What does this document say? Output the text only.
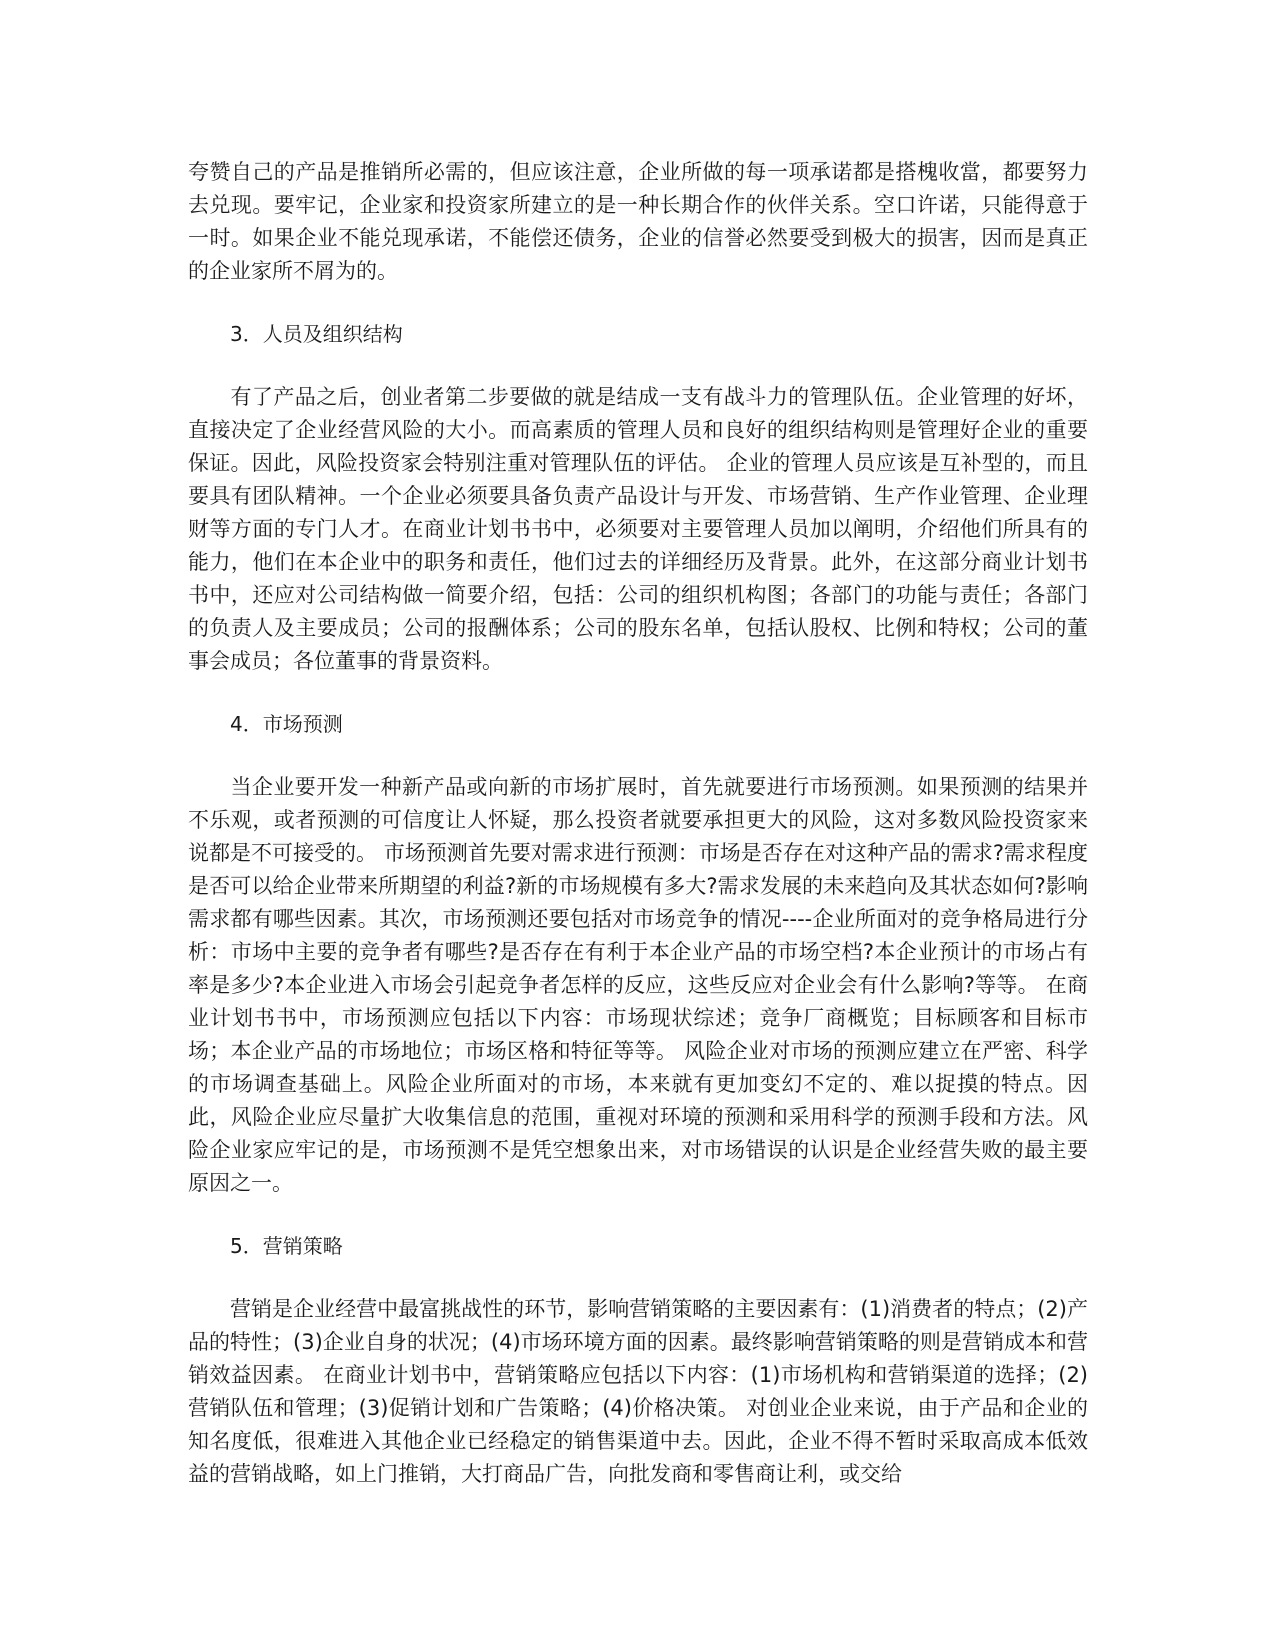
夸赞自己的产品是推销所必需的，但应该注意，企业所做的每一项承诺都是搭槐收當，都要努力去兑现。要牢记，企业家和投资家所建立的是一种长期合作的伙伴关系。空口许诺，只能得意于一时。如果企业不能兑现承诺，不能偿还债务，企业的信誉必然要受到极大的损害，因而是真正的企业家所不屑为的。

3．人员及组织结构

有了产品之后，创业者第二步要做的就是结成一支有战斗力的管理队伍。企业管理的好坏，直接决定了企业经营风险的大小。而高素质的管理人员和良好的组织结构则是管理好企业的重要保证。因此，风险投资家会特别注重对管理队伍的评估。 企业的管理人员应该是互补型的，而且要具有团队精神。一个企业必须要具备负责产品设计与开发、市场营销、生产作业管理、企业理财等方面的专门人才。在商业计划书书中，必须要对主要管理人员加以阐明，介绍他们所具有的能力，他们在本企业中的职务和责任，他们过去的详细经历及背景。此外，在这部分商业计划书书中，还应对公司结构做一简要介绍，包括：公司的组织机构图；各部门的功能与责任；各部门的负责人及主要成员；公司的报酬体系；公司的股东名单，包括认股权、比例和特权；公司的董事会成员；各位董事的背景资料。

4．市场预测

当企业要开发一种新产品或向新的市场扩展时，首先就要进行市场预测。如果预测的结果并不乐观，或者预测的可信度让人怀疑，那么投资者就要承担更大的风险，这对多数风险投资家来说都是不可接受的。 市场预测首先要对需求进行预测：市场是否存在对这种产品的需求?需求程度是否可以给企业带来所期望的利益?新的市场规模有多大?需求发展的未来趋向及其状态如何?影响需求都有哪些因素。其次，市场预测还要包括对市场竞争的情况----企业所面对的竞争格局进行分析：市场中主要的竞争者有哪些?是否存在有利于本企业产品的市场空档?本企业预计的市场占有率是多少?本企业进入市场会引起竞争者怎样的反应，这些反应对企业会有什么影响?等等。 在商业计划书书中，市场预测应包括以下内容：市场现状综述；竞争厂商概览；目标顾客和目标市场；本企业产品的市场地位；市场区格和特征等等。 风险企业对市场的预测应建立在严密、科学的市场调查基础上。风险企业所面对的市场，本来就有更加变幻不定的、难以捉摸的特点。因此，风险企业应尽量扩大收集信息的范围，重视对环境的预测和采用科学的预测手段和方法。风险企业家应牢记的是，市场预测不是凭空想象出来，对市场错误的认识是企业经营失败的最主要原因之一。

5．营销策略

营销是企业经营中最富挑战性的环节，影响营销策略的主要因素有：(1)消费者的特点；(2)产品的特性；(3)企业自身的状况；(4)市场环境方面的因素。最终影响营销策略的则是营销成本和营销效益因素。 在商业计划书中，营销策略应包括以下内容：(1)市场机构和营销渠道的选择；(2)营销队伍和管理；(3)促销计划和广告策略；(4)价格决策。 对创业企业来说，由于产品和企业的知名度低，很难进入其他企业已经稳定的销售渠道中去。因此，企业不得不暂时采取高成本低效益的营销战略，如上门推销，大打商品广告，向批发商和零售商让利，或交给
